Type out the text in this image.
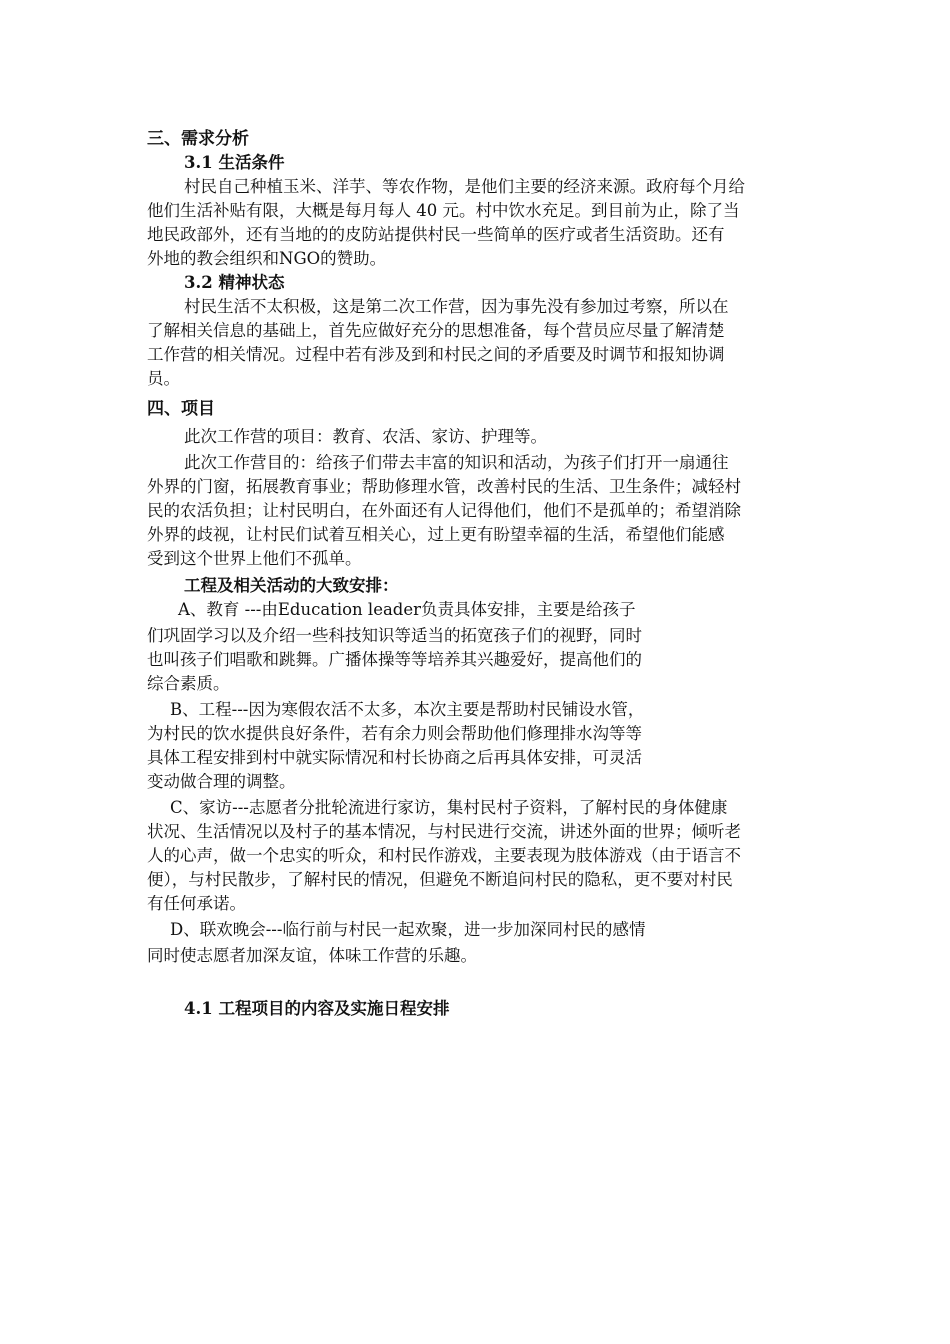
三、需求分析
3.1 生活条件
村民自己种植玉米、洋芋、等农作物，是他们主要的经济来源。政府每个月给
他们生活补贴有限，大概是每月每人 40 元。村中饮水充足。到目前为止，除了当
地民政部外，还有当地的的皮防站提供村民一些简单的医疗或者生活资助。还有
外地的教会组织和NGO的赞助。
3.2 精神状态
村民生活不太积极，这是第二次工作营，因为事先没有参加过考察，所以在
了解相关信息的基础上，首先应做好充分的思想准备，每个营员应尽量了解清楚
工作营的相关情况。过程中若有涉及到和村民之间的矛盾要及时调节和报知协调
员。
四、项目
此次工作营的项目：教育、农活、家访、护理等。
此次工作营目的：给孩子们带去丰富的知识和活动，为孩子们打开一扇通往
外界的门窗，拓展教育事业；帮助修理水管，改善村民的生活、卫生条件；减轻村
民的农活负担；让村民明白，在外面还有人记得他们，他们不是孤单的；希望消除
外界的歧视，让村民们试着互相关心，过上更有盼望幸福的生活，希望他们能感
受到这个世界上他们不孤单。
工程及相关活动的大致安排：
A、教育 ---由Education leader负责具体安排，主要是给孩子
们巩固学习以及介绍一些科技知识等适当的拓宽孩子们的视野，同时
也叫孩子们唱歌和跳舞。广播体操等等培养其兴趣爱好，提高他们的
综合素质。
B、工程---因为寒假农活不太多，本次主要是帮助村民铺设水管，
为村民的饮水提供良好条件，若有余力则会帮助他们修理排水沟等等
具体工程安排到村中就实际情况和村长协商之后再具体安排，可灵活
变动做合理的调整。
C、家访---志愿者分批轮流进行家访，集村民村子资料，了解村民的身体健康
状况、生活情况以及村子的基本情况，与村民进行交流，讲述外面的世界；倾听老
人的心声，做一个忠实的听众，和村民作游戏，主要表现为肢体游戏（由于语言不
便），与村民散步，了解村民的情况，但避免不断追问村民的隐私，更不要对村民
有任何承诺。
D、联欢晚会---临行前与村民一起欢聚，进一步加深同村民的感情
同时使志愿者加深友谊，体味工作营的乐趣。
4.1 工程项目的内容及实施日程安排
